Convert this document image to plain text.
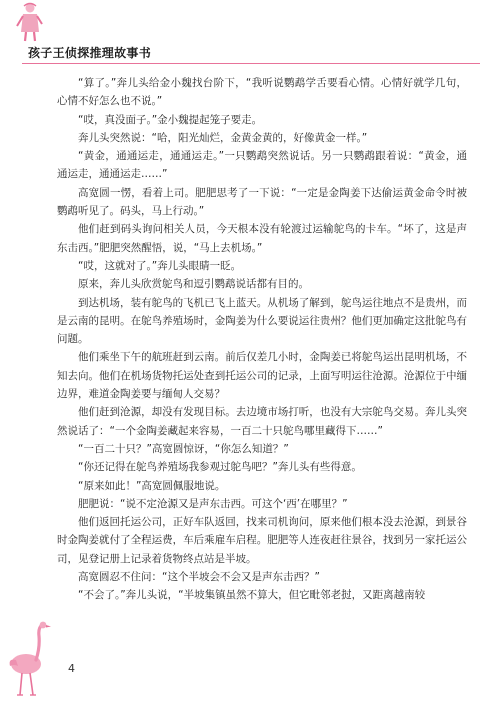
孩子王侦探推理故事书

“算了。”奔儿头给金小魏找台阶下，“我听说鹦鹉学舌要看心情。心情好就学几句，心情不好怎么也不说。”

“哎，真没面子。”金小魏提起笼子要走。

奔儿头突然说：“哈，阳光灿烂，金黄金黄的，好像黄金一样。”

“黄金，通通运走，通通运走。”一只鹦鹉突然说话。另一只鹦鹉跟着说：“黄金，通通运走，通通运走……”

高宽圆一愣，看着上司。肥肥思考了一下说：“一定是金陶姜下达偷运黄金命令时被鹦鹉听见了。码头，马上行动。”

他们赶到码头询问相关人员，今天根本没有轮渡过运输鸵鸟的卡车。“坏了，这是声东击西。”肥肥突然醒悟，说，“马上去机场。”

“哎，这就对了。”奔儿头眼睛一眨。

原来，奔儿头欣赏鸵鸟和逗引鹦鹉说话都有目的。

到达机场，装有鸵鸟的飞机已飞上蓝天。从机场了解到，鸵鸟运往地点不是贵州，而是云南的昆明。在鸵鸟养殖场时，金陶姜为什么要说运往贵州？他们更加确定这批鸵鸟有问题。

他们乘坐下午的航班赶到云南。前后仅差几小时，金陶姜已将鸵鸟运出昆明机场，不知去向。他们在机场货物托运处查到托运公司的记录，上面写明运往沧源。沧源位于中缅边界，难道金陶姜要与缅甸人交易？

他们赶到沧源，却没有发现目标。去边境市场打听，也没有大宗鸵鸟交易。奔儿头突然说话了：“一个金陶姜藏起来容易，一百二十只鸵鸟哪里藏得下……”

“一百二十只？”高宽圆惊讶，“你怎么知道？”

“你还记得在鸵鸟养殖场我参观过鸵鸟吧？”奔儿头有些得意。

“原来如此！”高宽圆佩服地说。

肥肥说：“说不定沧源又是声东击西。可这个‘西’在哪里？”

他们返回托运公司，正好车队返回，找来司机询问，原来他们根本没去沧源，到景谷时金陶姜就付了全程运费，车后乘雇车启程。肥肥等人连夜赶往景谷，找到另一家托运公司，见登记册上记录着货物终点站是半坡。

高宽圆忍不住问：“这个半坡会不会又是声东击西？”

“不会了。”奔儿头说，“半坡集镇虽然不算大，但它毗邻老挝，又距离越南较

4
